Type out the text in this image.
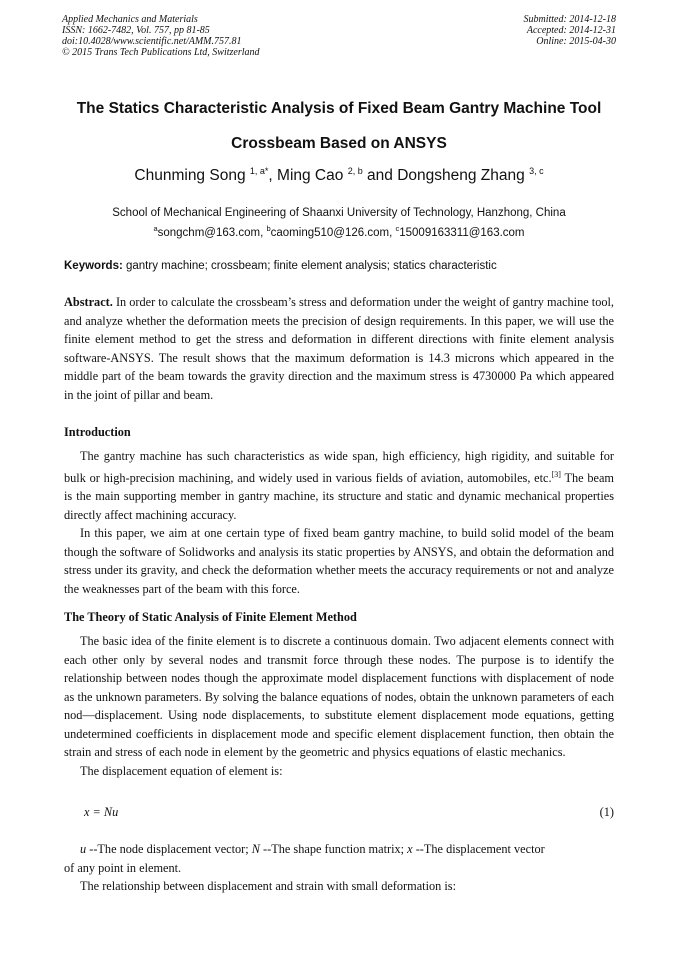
Applied Mechanics and Materials
ISSN: 1662-7482, Vol. 757, pp 81-85
doi:10.4028/www.scientific.net/AMM.757.81
© 2015 Trans Tech Publications Ltd, Switzerland
Submitted: 2014-12-18
Accepted: 2014-12-31
Online: 2015-04-30
The Statics Characteristic Analysis of Fixed Beam Gantry Machine Tool
Crossbeam Based on ANSYS
Chunming Song $^{1, a*}$, Ming Cao $^{2, b}$ and Dongsheng Zhang $^{3, c}$
School of Mechanical Engineering of Shaanxi University of Technology, Hanzhong, China
$^a$songchm@163.com, $^b$caoming510@126.com, $^c$15009163311@163.com
Keywords: gantry machine; crossbeam; finite element analysis; statics characteristic
Abstract. In order to calculate the crossbeam’s stress and deformation under the weight of gantry machine tool, and analyze whether the deformation meets the precision of design requirements. In this paper, we will use the finite element method to get the stress and deformation in different directions with finite element analysis software-ANSYS. The result shows that the maximum deformation is 14.3 microns which appeared in the middle part of the beam towards the gravity direction and the maximum stress is 4730000 Pa which appeared in the joint of pillar and beam.
Introduction

The gantry machine has such characteristics as wide span, high efficiency, high rigidity, and suitable for bulk or high-precision machining, and widely used in various fields of aviation, automobiles, etc.[3] The beam is the main supporting member in gantry machine, its structure and static and dynamic mechanical properties directly affect machining accuracy.

In this paper, we aim at one certain type of fixed beam gantry machine, to build solid model of the beam though the software of Solidworks and analysis its static properties by ANSYS, and obtain the deformation and stress under its gravity, and check the deformation whether meets the accuracy requirements or not and analyze the weaknesses part of the beam with this force.

The Theory of Static Analysis of Finite Element Method

The basic idea of the finite element is to discrete a continuous domain. Two adjacent elements connect with each other only by several nodes and transmit force through these nodes. The purpose is to identify the relationship between nodes though the approximate model displacement functions with displacement of node as the unknown parameters. By solving the balance equations of nodes, obtain the unknown parameters of each nod—displacement. Using node displacements, to substitute element displacement mode equations, getting undetermined coefficients in displacement mode and specific element displacement function, then obtain the strain and stress of each node in element by the geometric and physics equations of elastic mechanics.

The displacement equation of element is:

x = Nu	(1)

u --The node displacement vector; N --The shape function matrix; x --The displacement vector

of any point in element.

The relationship between displacement and strain with small deformation is:
